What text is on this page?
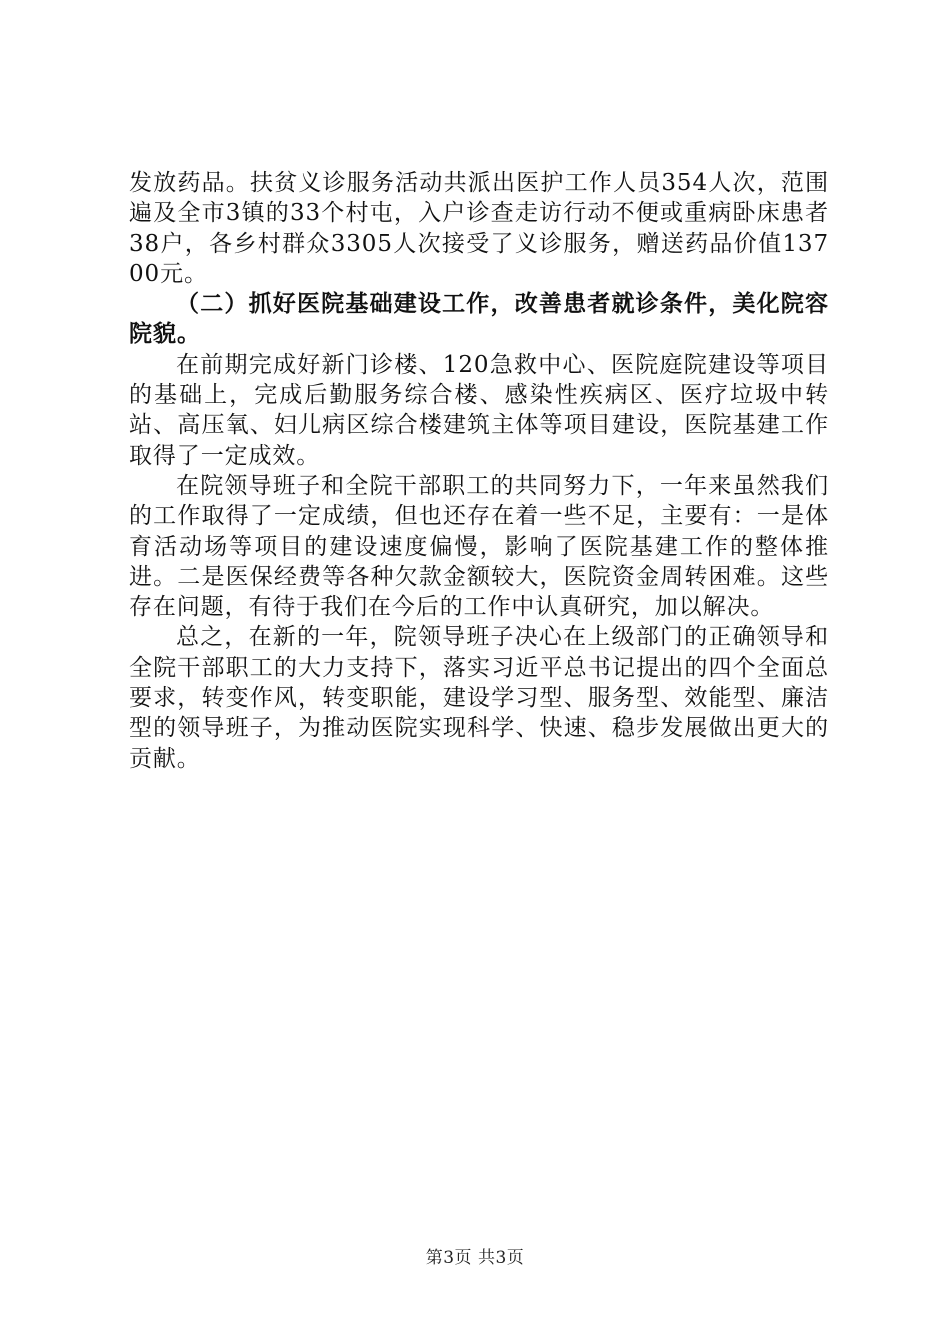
发放药品。扶贫义诊服务活动共派出医护工作人员354人次，范围遍及全市3镇的33个村屯，入户诊查走访行动不便或重病卧床患者38户，各乡村群众3305人次接受了义诊服务，赠送药品价值13700元。

（二）抓好医院基础建设工作，改善患者就诊条件，美化院容院貌。

在前期完成好新门诊楼、120急救中心、医院庭院建设等项目的基础上，完成后勤服务综合楼、感染性疾病区、医疗垃圾中转站、高压氧、妇儿病区综合楼建筑主体等项目建设，医院基建工作取得了一定成效。

在院领导班子和全院干部职工的共同努力下，一年来虽然我们的工作取得了一定成绩，但也还存在着一些不足，主要有：一是体育活动场等项目的建设速度偏慢，影响了医院基建工作的整体推进。二是医保经费等各种欠款金额较大，医院资金周转困难。这些存在问题，有待于我们在今后的工作中认真研究，加以解决。

总之，在新的一年，院领导班子决心在上级部门的正确领导和全院干部职工的大力支持下，落实习近平总书记提出的四个全面总要求，转变作风，转变职能，建设学习型、服务型、效能型、廉洁型的领导班子，为推动医院实现科学、快速、稳步发展做出更大的贡献。

第3页 共3页
